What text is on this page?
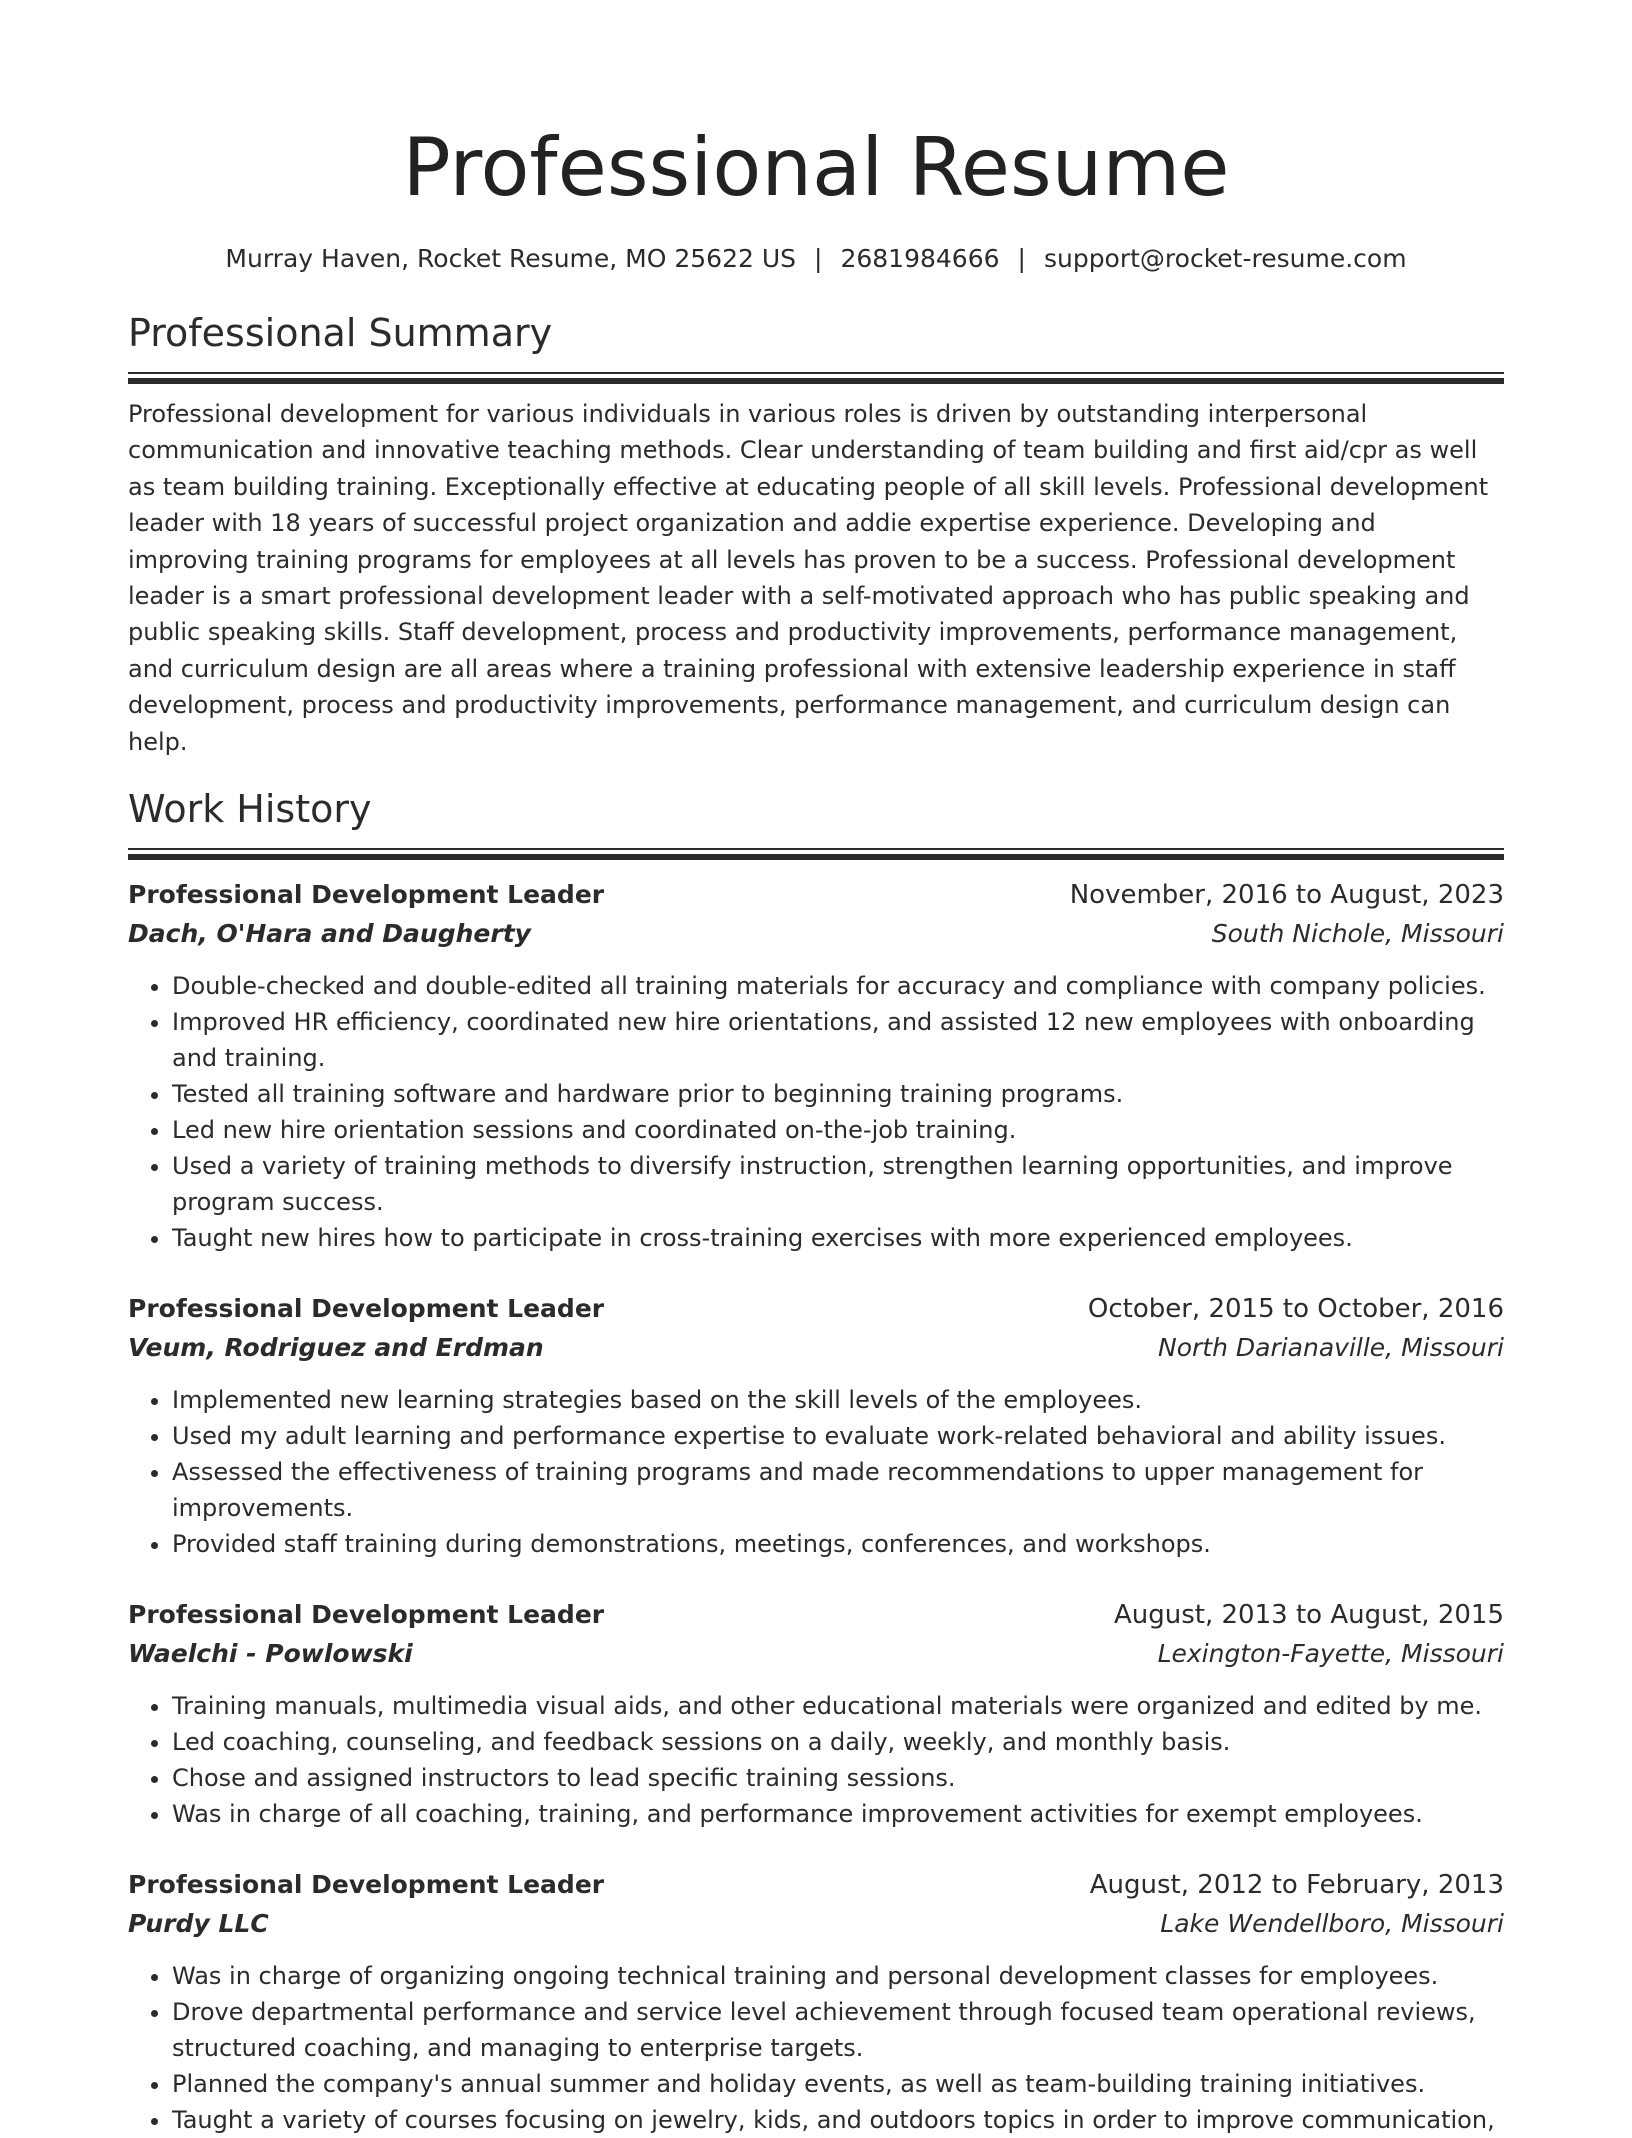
Professional Resume
Murray Haven, Rocket Resume, MO 25622 US | 2681984666 | support@rocket-resume.com
Professional Summary

Professional development for various individuals in various roles is driven by outstanding interpersonal communication and innovative teaching methods. Clear understanding of team building and first aid/cpr as well as team building training. Exceptionally effective at educating people of all skill levels. Professional development leader with 18 years of successful project organization and addie expertise experience. Developing and improving training programs for employees at all levels has proven to be a success. Professional development leader is a smart professional development leader with a self-motivated approach who has public speaking and public speaking skills. Staff development, process and productivity improvements, performance management, and curriculum design are all areas where a training professional with extensive leadership experience in staff development, process and productivity improvements, performance management, and curriculum design can help.

Work History
Professional Development Leader	November, 2016 to August, 2023
Dach, O'Hara and Daugherty	South Nichole, Missouri
• Double-checked and double-edited all training materials for accuracy and compliance with company policies.
• Improved HR efficiency, coordinated new hire orientations, and assisted 12 new employees with onboarding and training.
• Tested all training software and hardware prior to beginning training programs.
• Led new hire orientation sessions and coordinated on-the-job training.
• Used a variety of training methods to diversify instruction, strengthen learning opportunities, and improve program success.
• Taught new hires how to participate in cross-training exercises with more experienced employees.
Professional Development Leader	October, 2015 to October, 2016
Veum, Rodriguez and Erdman	North Darianaville, Missouri
• Implemented new learning strategies based on the skill levels of the employees.
• Used my adult learning and performance expertise to evaluate work-related behavioral and ability issues.
• Assessed the effectiveness of training programs and made recommendations to upper management for improvements.
• Provided staff training during demonstrations, meetings, conferences, and workshops.
Professional Development Leader	August, 2013 to August, 2015
Waelchi - Powlowski	Lexington-Fayette, Missouri
• Training manuals, multimedia visual aids, and other educational materials were organized and edited by me.
• Led coaching, counseling, and feedback sessions on a daily, weekly, and monthly basis.
• Chose and assigned instructors to lead specific training sessions.
• Was in charge of all coaching, training, and performance improvement activities for exempt employees.
Professional Development Leader	August, 2012 to February, 2013
Purdy LLC	Lake Wendellboro, Missouri
• Was in charge of organizing ongoing technical training and personal development classes for employees.
• Drove departmental performance and service level achievement through focused team operational reviews, structured coaching, and managing to enterprise targets.
• Planned the company's annual summer and holiday events, as well as team-building training initiatives.
• Taught a variety of courses focusing on jewelry, kids, and outdoors topics in order to improve communication,
